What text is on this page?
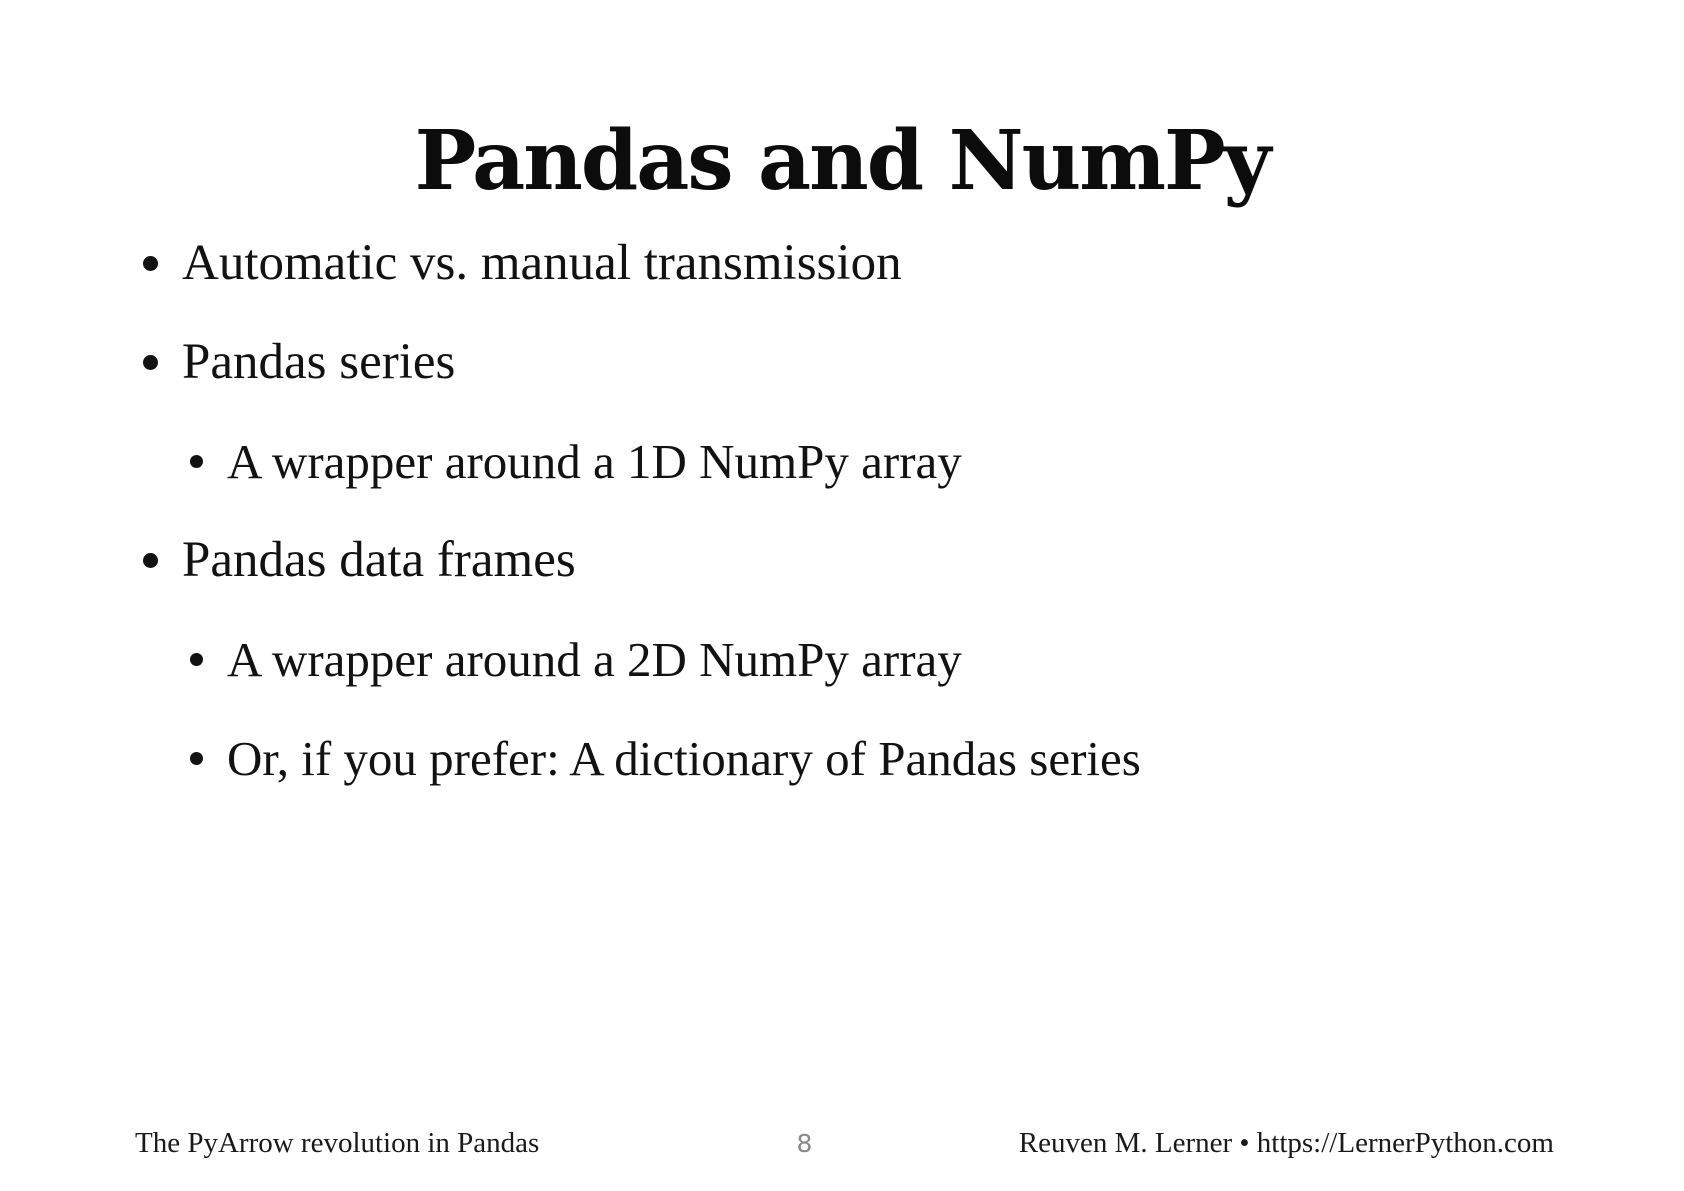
Pandas and NumPy
Automatic vs. manual transmission
Pandas series
A wrapper around a 1D NumPy array
Pandas data frames
A wrapper around a 2D NumPy array
Or, if you prefer: A dictionary of Pandas series
The PyArrow revolution in Pandas	8	Reuven M. Lerner • https://LernerPython.com
